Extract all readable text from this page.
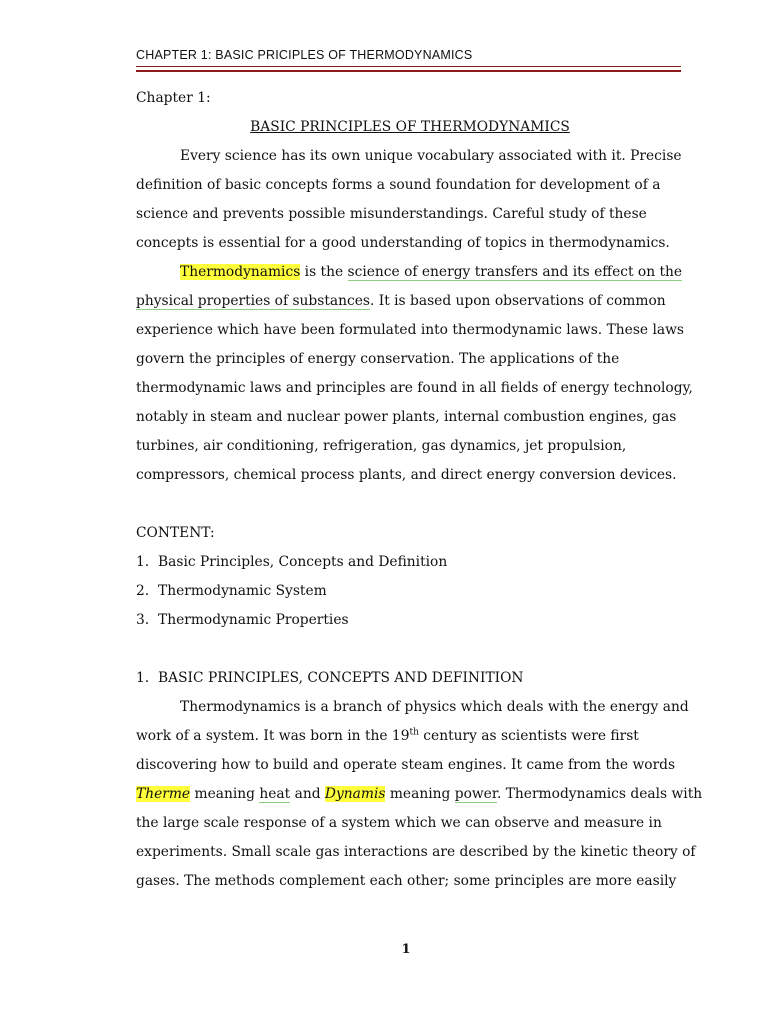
CHAPTER 1: BASIC PRICIPLES OF THERMODYNAMICS
Chapter 1:
BASIC PRINCIPLES OF THERMODYNAMICS
Every science has its own unique vocabulary associated with it. Precise
definition of basic concepts forms a sound foundation for development of a
science and prevents possible misunderstandings. Careful study of these
concepts is essential for a good understanding of topics in thermodynamics.
Thermodynamics is the science of energy transfers and its effect on the
physical properties of substances. It is based upon observations of common
experience which have been formulated into thermodynamic laws. These laws
govern the principles of energy conservation. The applications of the
thermodynamic laws and principles are found in all fields of energy technology,
notably in steam and nuclear power plants, internal combustion engines, gas
turbines, air conditioning, refrigeration, gas dynamics, jet propulsion,
compressors, chemical process plants, and direct energy conversion devices.
CONTENT:
1. Basic Principles, Concepts and Definition
2. Thermodynamic System
3. Thermodynamic Properties
1. BASIC PRINCIPLES, CONCEPTS AND DEFINITION
Thermodynamics is a branch of physics which deals with the energy and
work of a system. It was born in the 19th century as scientists were first
discovering how to build and operate steam engines. It came from the words
Therme meaning heat and Dynamis meaning power. Thermodynamics deals with
the large scale response of a system which we can observe and measure in
experiments. Small scale gas interactions are described by the kinetic theory of
gases. The methods complement each other; some principles are more easily
1
